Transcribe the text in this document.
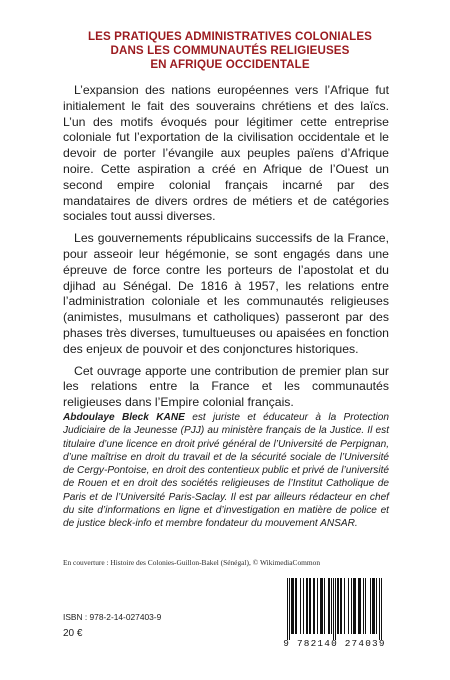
LES PRATIQUES ADMINISTRATIVES COLONIALES
DANS LES COMMUNAUTÉS RELIGIEUSES
EN AFRIQUE OCCIDENTALE

L’expansion des nations européennes vers l’Afrique fut initialement le fait des souverains chrétiens et des laïcs. L’un des motifs évoqués pour légitimer cette entreprise coloniale fut l’exportation de la civilisation occidentale et le devoir de porter l’évangile aux peuples païens d’Afrique noire. Cette aspiration a créé en Afrique de l’Ouest un second empire colonial français incarné par des mandataires de divers ordres de métiers et de catégories sociales tout aussi diverses.

Les gouvernements républicains successifs de la France, pour asseoir leur hégémonie, se sont engagés dans une épreuve de force contre les porteurs de l’apostolat et du djihad au Sénégal. De 1816 à 1957, les relations entre l’administration coloniale et les communautés religieuses (animistes, musulmans et catholiques) passeront par des phases très diverses, tumultueuses ou apaisées en fonction des enjeux de pouvoir et des conjonctures historiques.

Cet ouvrage apporte une contribution de premier plan sur les relations entre la France et les communautés religieuses dans l’Empire colonial français.

Abdoulaye Bleck KANE est juriste et éducateur à la Protection Judiciaire de la Jeunesse (PJJ) au ministère français de la Justice. Il est titulaire d’une licence en droit privé général de l’Université de Perpignan, d’une maîtrise en droit du travail et de la sécurité sociale de l’Université de Cergy-Pontoise, en droit des contentieux public et privé de l’université de Rouen et en droit des sociétés religieuses de l’Institut Catholique de Paris et de l’Université Paris-Saclay. Il est par ailleurs rédacteur en chef du site d’informations en ligne et d’investigation en matière de police et de justice bleck-info et membre fondateur du mouvement ANSAR.
En couverture : Histoire des Colonies-Guillon-Bakel (Sénégal), © WikimediaCommon
ISBN : 978-2-14-027403-9
20 €
9 782140 274039
